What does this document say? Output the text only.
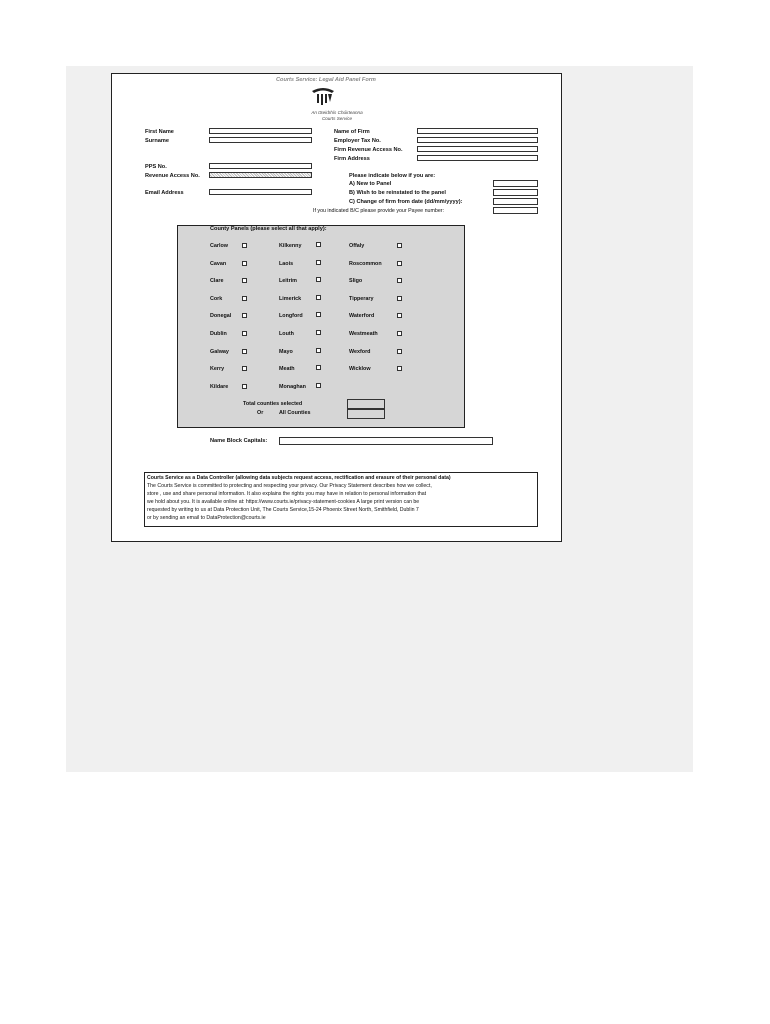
Courts Service: Legal Aid Panel Form
An tSeirbhís Chúirteanna
Courts Service
First Name
Surname
PPS No.
Revenue Access No.
Email Address
Name of Firm
Employer Tax No.
Firm Revenue Access No.
Firm Address
Please indicate below if you are:
A) New to Panel
B) Wish to be reinstated to the panel
C) Change of firm from date (dd/mm/yyyy):
If you indicated B/C please provide your Payee number:
County Panels (please select all that apply):
Carlow
Cavan
Clare
Cork
Donegal
Dublin
Galway
Kerry
Kildare
Kilkenny
Laois
Leitrim
Limerick
Longford
Louth
Mayo
Meath
Monaghan
Offaly
Roscommon
Sligo
Tipperary
Waterford
Westmeath
Wexford
Wicklow
Total counties selected
Or	All Counties
Name Block Capitals:
Courts Service as a Data Controller (allowing data subjects request access, rectification and erasure of their personal data)
The Courts Service is committed to protecting and respecting your privacy. Our Privacy Statement describes how we collect,
store , use and share personal information. It also explains the rights you may have in relation to personal information that
we hold about you. It is available online at: https://www.courts.ie/privacy-statement-cookies A large print version can be
requested by writing to us at Data Protection Unit, The Courts Service,15-24 Phoenix Street North, Smithfield, Dublin 7
or by sending an email to DataProtection@courts.ie
